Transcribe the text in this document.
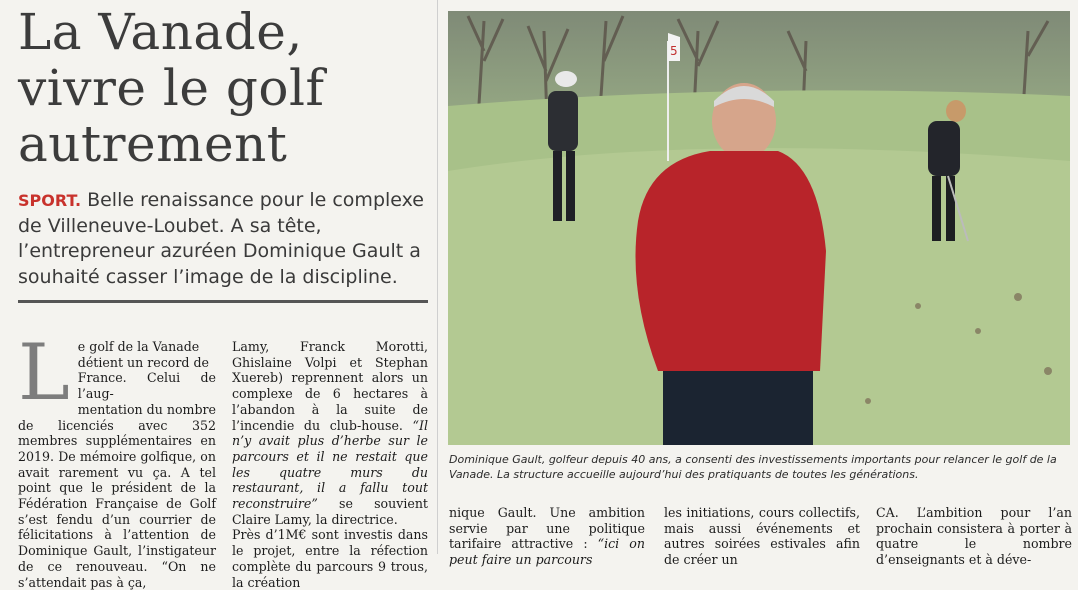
La Vanade,
vivre le golf
autrement

SPORT. Belle renaissance pour le complexe de Villeneuve-Loubet. A sa tête, l’entrepreneur azuréen Dominique Gault a souhaité casser l’image de la discipline.

L e golf de la Vanade
détient un record de
France. Celui de l’aug-
mentation du nombre

de licenciés avec 352 membres supplémentaires en 2019. De mémoire golfique, on avait rarement vu ça. A tel point que le président de la Fédération Française de Golf s’est fendu d’un courrier de félicitations à l’attention de Dominique Gault, l’instigateur de ce renouveau. “On ne s’attendait pas à ça,

Lamy, Franck Morotti, Ghislaine Volpi et Stephan Xuereb) reprennent alors un complexe de 6 hectares à l’abandon à la suite de l’incendie du club-house. “Il n’y avait plus d’herbe sur le parcours et il ne restait que les quatre murs du restaurant, il a fallu tout reconstruire” se souvient Claire Lamy, la directrice.

Près d’1M€ sont investis dans le projet, entre la réfection complète du parcours 9 trous, la création

5
Dominique Gault, golfeur depuis 40 ans, a consenti des investissements importants pour relancer le golf de la Vanade. La structure accueille aujourd’hui des pratiquants de toutes les générations.
nique Gault. Une ambition servie par une politique tarifaire attractive : “ici on peut faire un parcours
les initiations, cours collectifs, mais aussi événements et autres soirées estivales afin de créer un
CA. L’ambition pour l’an prochain consistera à porter à quatre le nombre d’enseignants et à déve-
